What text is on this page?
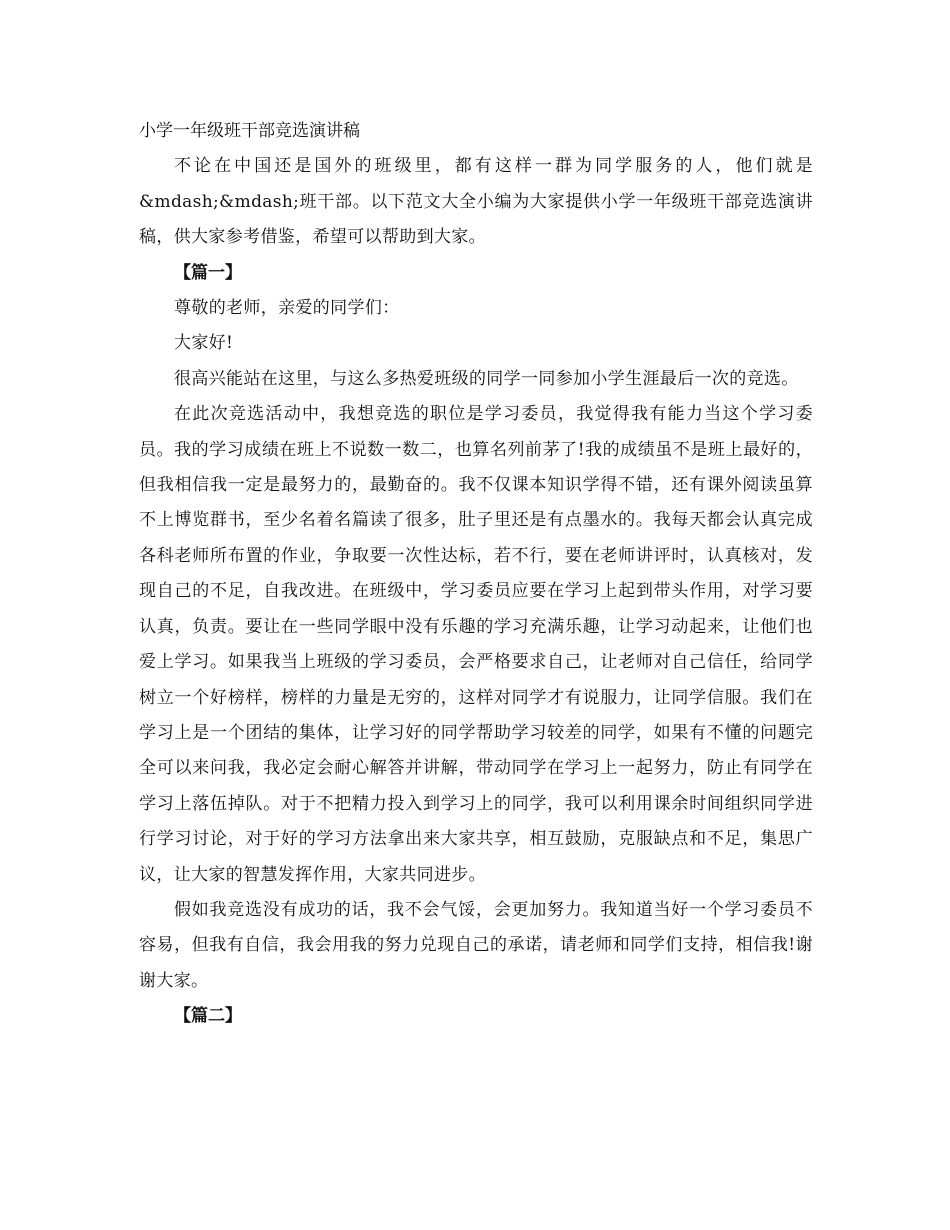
小学一年级班干部竞选演讲稿

不论在中国还是国外的班级里，都有这样一群为同学服务的人，他们就是&mdash;&mdash;班干部。以下范文大全小编为大家提供小学一年级班干部竞选演讲稿，供大家参考借鉴，希望可以帮助到大家。

【篇一】

尊敬的老师，亲爱的同学们：

大家好!

很高兴能站在这里，与这么多热爱班级的同学一同参加小学生涯最后一次的竞选。

在此次竞选活动中，我想竞选的职位是学习委员，我觉得我有能力当这个学习委员。我的学习成绩在班上不说数一数二，也算名列前茅了!我的成绩虽不是班上最好的，但我相信我一定是最努力的，最勤奋的。我不仅课本知识学得不错，还有课外阅读虽算不上博览群书，至少名着名篇读了很多，肚子里还是有点墨水的。我每天都会认真完成各科老师所布置的作业，争取要一次性达标，若不行，要在老师讲评时，认真核对，发现自己的不足，自我改进。在班级中，学习委员应要在学习上起到带头作用，对学习要认真，负责。要让在一些同学眼中没有乐趣的学习充满乐趣，让学习动起来，让他们也爱上学习。如果我当上班级的学习委员，会严格要求自己，让老师对自己信任，给同学树立一个好榜样，榜样的力量是无穷的，这样对同学才有说服力，让同学信服。我们在学习上是一个团结的集体，让学习好的同学帮助学习较差的同学，如果有不懂的问题完全可以来问我，我必定会耐心解答并讲解，带动同学在学习上一起努力，防止有同学在学习上落伍掉队。对于不把精力投入到学习上的同学，我可以利用课余时间组织同学进行学习讨论，对于好的学习方法拿出来大家共享，相互鼓励，克服缺点和不足，集思广议，让大家的智慧发挥作用，大家共同进步。

假如我竞选没有成功的话，我不会气馁，会更加努力。我知道当好一个学习委员不容易，但我有自信，我会用我的努力兑现自己的承诺，请老师和同学们支持，相信我!谢谢大家。

【篇二】
